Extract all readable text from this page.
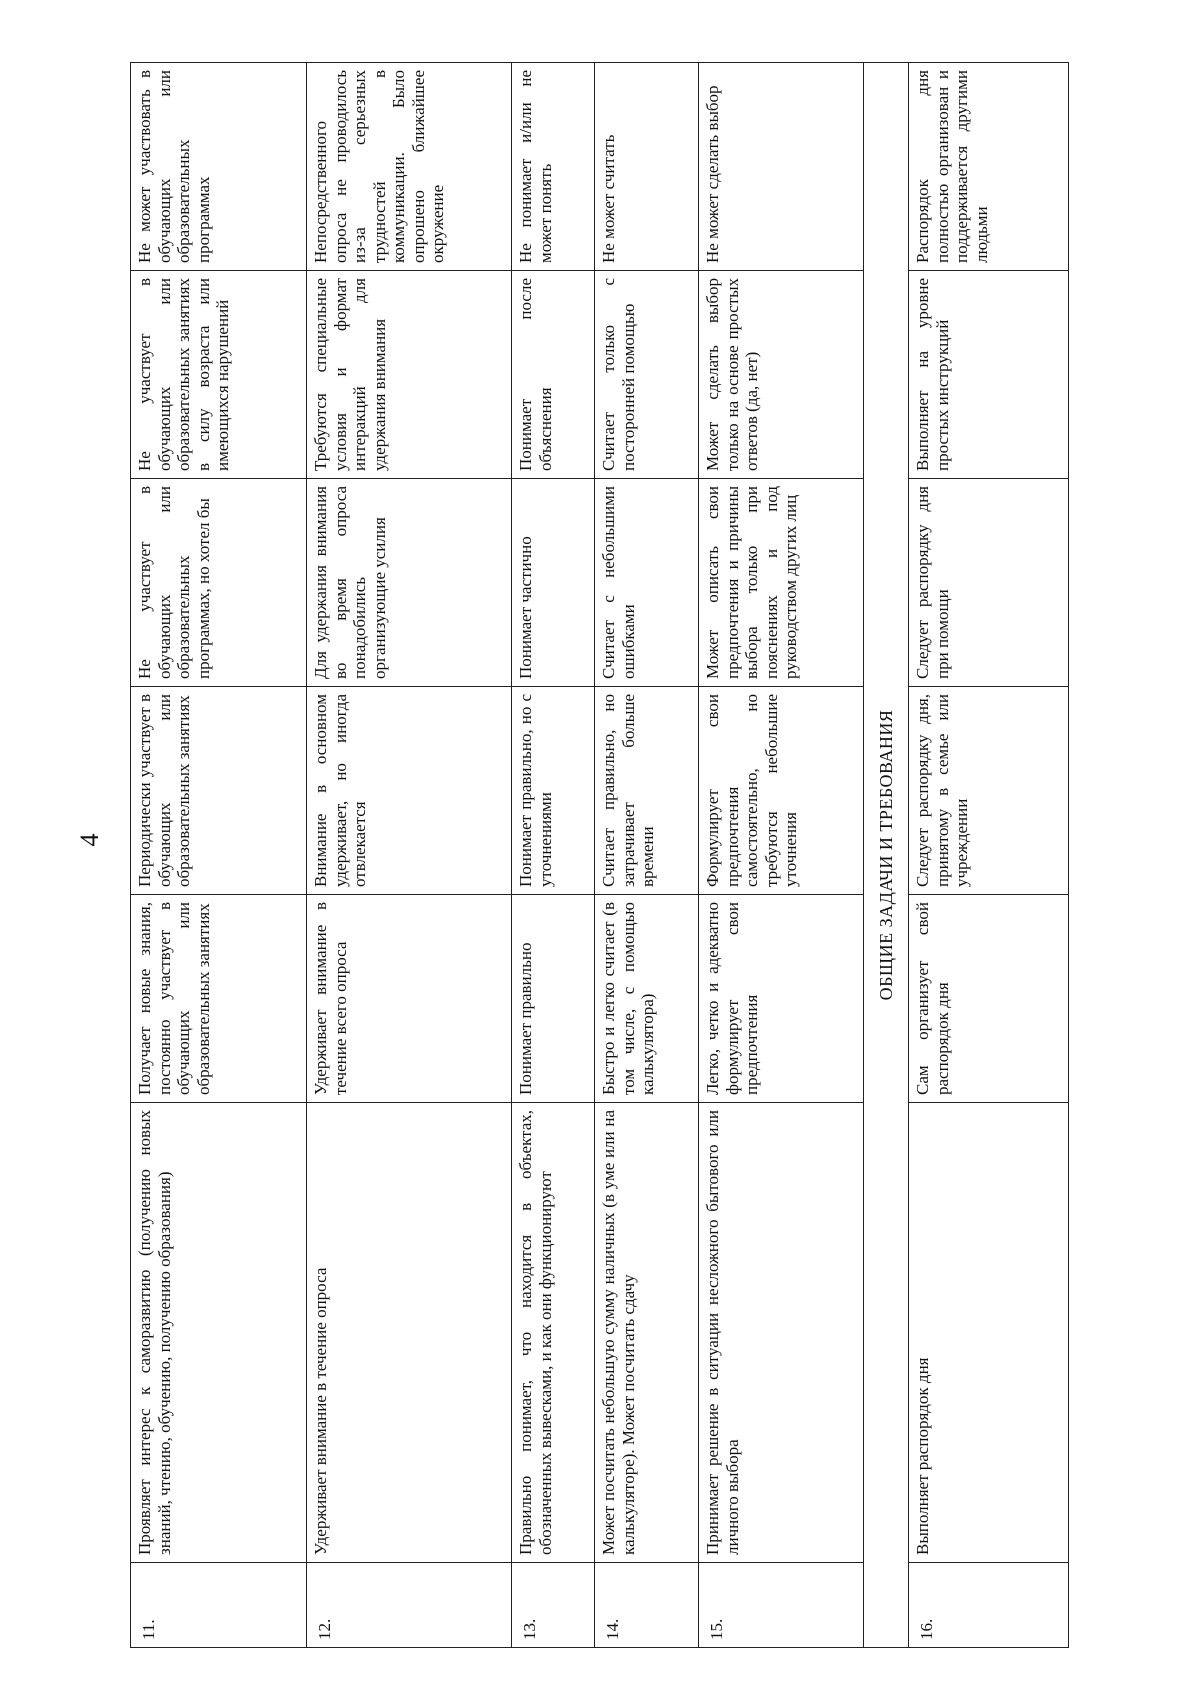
4
11.	Проявляет интерес к саморазвитию (получению новых знаний, чтению, обучению, получению образования)	Получает новые знания, постоянно участвует в обучающих или образовательных занятиях	Периодически участвует в обучающих или образовательных занятиях	Не участвует в обучающих или образовательных программах, но хотел бы	Не участвует в обучающих или образовательных занятиях в силу возраста или имеющихся нарушений	Не может участвовать в обучающих или образовательных программах
12.	Удерживает внимание в течение опроса	Удерживает внимание в течение всего опроса	Внимание в основном удерживает, но иногда отвлекается	Для удержания внимания во время опроса понадобились организующие усилия	Требуются специальные условия и формат интеракций для удержания внимания	Непосредственного опроса не проводилось из-за серьезных трудностей в коммуникации. Было опрошено ближайшее окружение
13.	Правильно понимает, что находится в объектах, обозначенных вывесками, и как они функционируют	Понимает правильно	Понимает правильно, но с уточнениями	Понимает частично	Понимает после объяснения	Не понимает и/или не может понять
14.	Может посчитать небольшую сумму наличных (в уме или на калькуляторе). Может посчитать сдачу	Быстро и легко считает (в том числе, с помощью калькулятора)	Считает правильно, но затрачивает больше времени	Считает с небольшими ошибками	Считает только с посторонней помощью	Не может считать
15.	Принимает решение в ситуации несложного бытового или личного выбора	Легко, четко и адекватно формулирует свои предпочтения	Формулирует свои предпочтения самостоятельно, но требуются небольшие уточнения	Может описать свои предпочтения и причины выбора только при пояснениях и под руководством других лиц	Может сделать выбор только на основе простых ответов (да, нет)	Не может сделать выбор
ОБЩИЕ ЗАДАЧИ И ТРЕБОВАНИЯ						
16.	Выполняет распорядок дня	Сам организует свой распорядок дня	Следует распорядку дня, принятому в семье или учреждении	Следует распорядку дня при помощи	Выполняет на уровне простых инструкций	Распорядок дня полностью организован и поддерживается другими людьми
